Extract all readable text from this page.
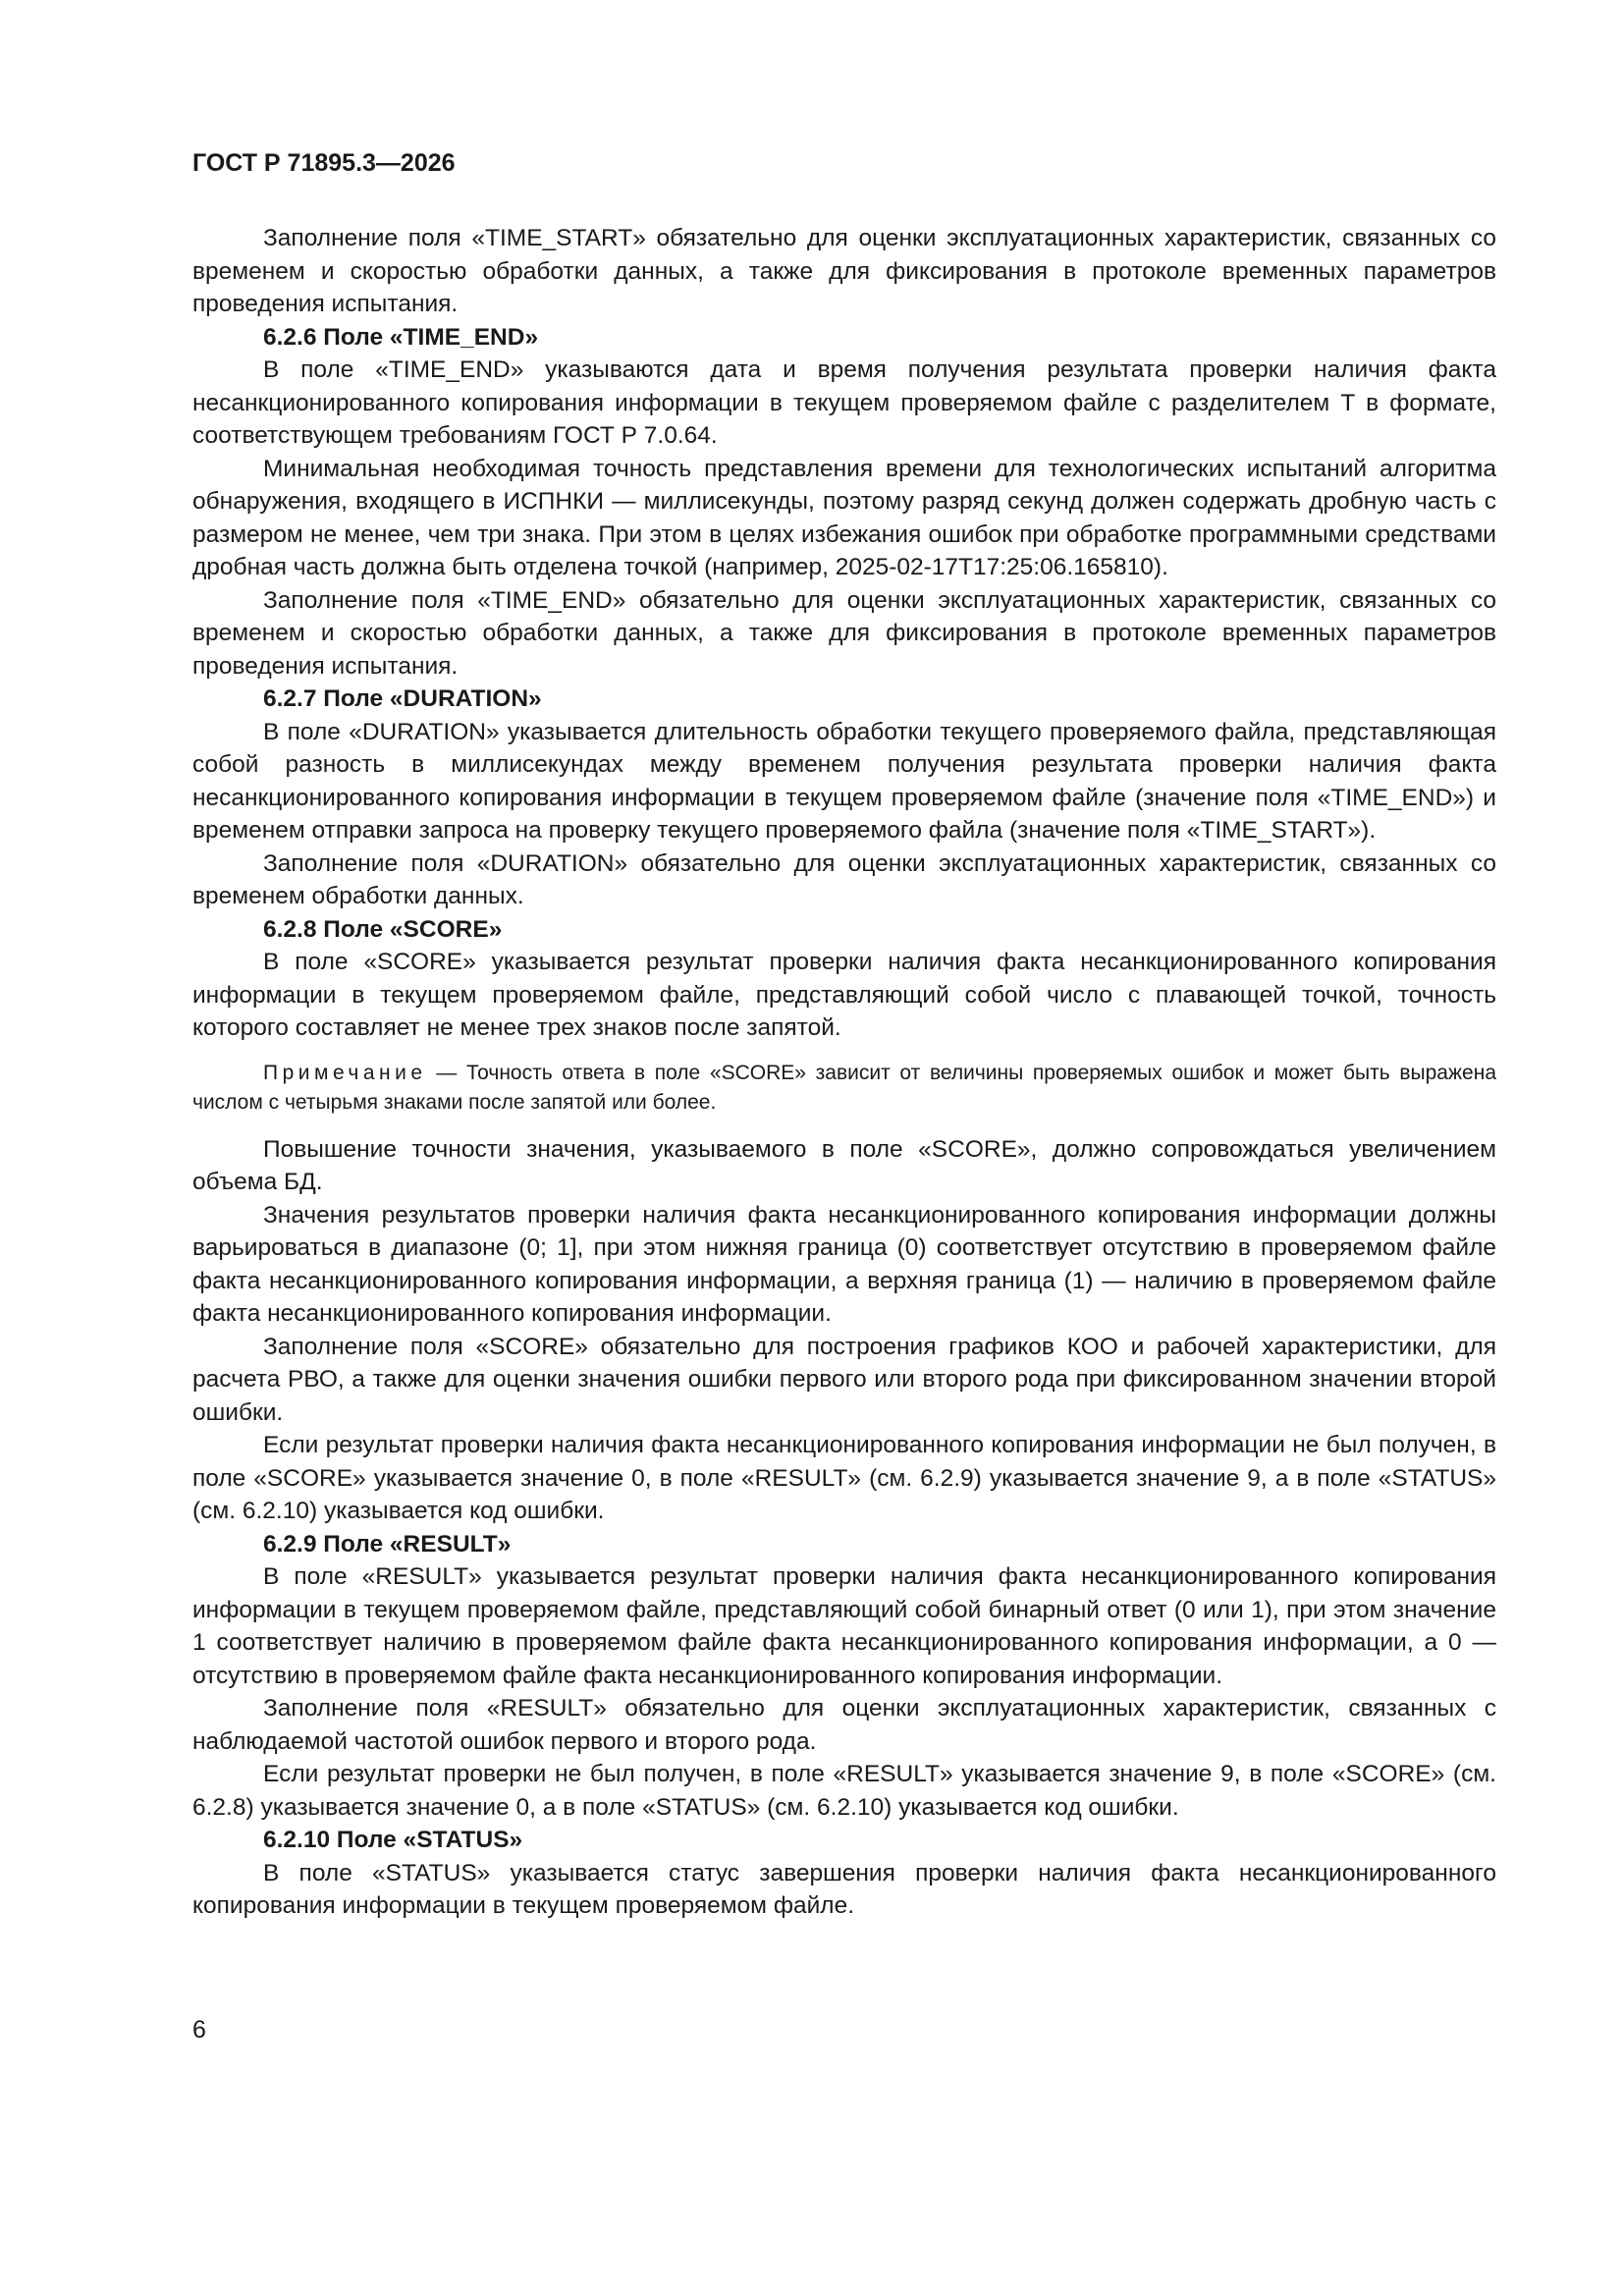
ГОСТ Р 71895.3—2026

Заполнение поля «TIME_START» обязательно для оценки эксплуатационных характеристик, связанных со временем и скоростью обработки данных, а также для фиксирования в протоколе временных параметров проведения испытания.

6.2.6 Поле «TIME_END»

В поле «TIME_END» указываются дата и время получения результата проверки наличия факта несанкционированного копирования информации в текущем проверяемом файле с разделителем T в формате, соответствующем требованиям ГОСТ Р 7.0.64.

Минимальная необходимая точность представления времени для технологических испытаний алгоритма обнаружения, входящего в ИСПНКИ — миллисекунды, поэтому разряд секунд должен содержать дробную часть с размером не менее, чем три знака. При этом в целях избежания ошибок при обработке программными средствами дробная часть должна быть отделена точкой (например, 2025-02-17T17:25:06.165810).

Заполнение поля «TIME_END» обязательно для оценки эксплуатационных характеристик, связанных со временем и скоростью обработки данных, а также для фиксирования в протоколе временных параметров проведения испытания.

6.2.7 Поле «DURATION»

В поле «DURATION» указывается длительность обработки текущего проверяемого файла, представляющая собой разность в миллисекундах между временем получения результата проверки наличия факта несанкционированного копирования информации в текущем проверяемом файле (значение поля «TIME_END») и временем отправки запроса на проверку текущего проверяемого файла (значение поля «TIME_START»).

Заполнение поля «DURATION» обязательно для оценки эксплуатационных характеристик, связанных со временем обработки данных.

6.2.8 Поле «SCORE»

В поле «SCORE» указывается результат проверки наличия факта несанкционированного копирования информации в текущем проверяемом файле, представляющий собой число с плавающей точкой, точность которого составляет не менее трех знаков после запятой.

Примечание — Точность ответа в поле «SCORE» зависит от величины проверяемых ошибок и может быть выражена числом с четырьмя знаками после запятой или более.

Повышение точности значения, указываемого в поле «SCORE», должно сопровождаться увеличением объема БД.

Значения результатов проверки наличия факта несанкционированного копирования информации должны варьироваться в диапазоне (0; 1], при этом нижняя граница (0) соответствует отсутствию в проверяемом файле факта несанкционированного копирования информации, а верхняя граница (1) — наличию в проверяемом файле факта несанкционированного копирования информации.

Заполнение поля «SCORE» обязательно для построения графиков КОО и рабочей характеристики, для расчета РВО, а также для оценки значения ошибки первого или второго рода при фиксированном значении второй ошибки.

Если результат проверки наличия факта несанкционированного копирования информации не был получен, в поле «SCORE» указывается значение 0, в поле «RESULT» (см. 6.2.9) указывается значение 9, а в поле «STATUS» (см. 6.2.10) указывается код ошибки.

6.2.9 Поле «RESULT»

В поле «RESULT» указывается результат проверки наличия факта несанкционированного копирования информации в текущем проверяемом файле, представляющий собой бинарный ответ (0 или 1), при этом значение 1 соответствует наличию в проверяемом файле факта несанкционированного копирования информации, а 0 — отсутствию в проверяемом файле факта несанкционированного копирования информации.

Заполнение поля «RESULT» обязательно для оценки эксплуатационных характеристик, связанных с наблюдаемой частотой ошибок первого и второго рода.

Если результат проверки не был получен, в поле «RESULT» указывается значение 9, в поле «SCORE» (см. 6.2.8) указывается значение 0, а в поле «STATUS» (см. 6.2.10) указывается код ошибки.

6.2.10 Поле «STATUS»

В поле «STATUS» указывается статус завершения проверки наличия факта несанкционированного копирования информации в текущем проверяемом файле.

6
